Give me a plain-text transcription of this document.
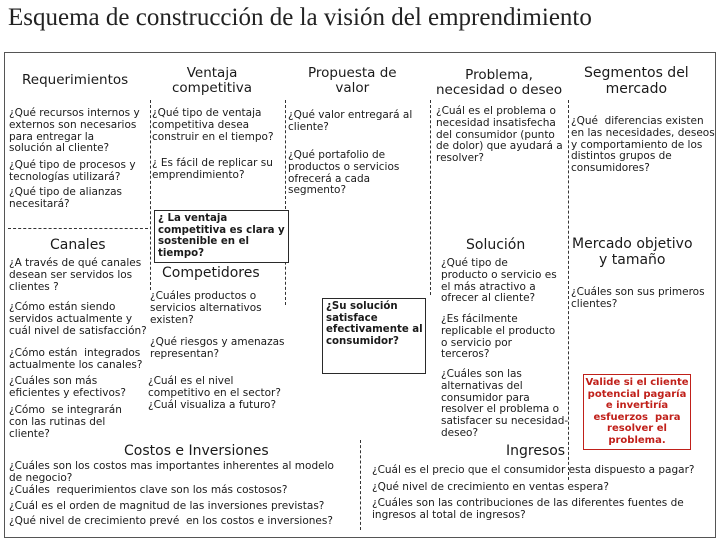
Esquema de construcción de la visión del emprendimiento
Requerimientos
¿Qué recursos internos y
externos son necesarios
para entregar la
solución al cliente?
¿Qué tipo de procesos y
tecnologías utilizará?
¿Qué tipo de alianzas
necesitará?
Ventaja
competitiva
¿Qué tipo de ventaja
competitiva desea
construir en el tiempo?
¿ Es fácil de replicar su
emprendimiento?
¿ La ventaja
competitiva es clara y
sostenible en el
tiempo?
Propuesta de
valor
¿Qué valor entregará al
cliente?
¿Qué portafolio de
productos o servicios
ofrecerá a cada
segmento?
¿Su solución
satisface
efectivamente al
consumidor?
Problema,
necesidad o deseo
¿Cuál es el problema o
necesidad insatisfecha
del consumidor (punto
de dolor) que ayudará a
resolver?
Segmentos del
mercado
¿Qué  diferencias existen
en las necesidades, deseos
y comportamiento de los
distintos grupos de
consumidores?
Canales
¿A través de qué canales
desean ser servidos los
clientes ?
¿Cómo están siendo
servidos actualmente y
cuál nivel de satisfacción?
¿Cómo están  integrados
actualmente los canales?
¿Cuáles son más
eficientes y efectivos?
¿Cómo  se integrarán
con las rutinas del
cliente?
Competidores
¿Cuáles productos o
servicios alternativos
existen?
¿Qué riesgos y amenazas
representan?
¿Cuál es el nivel
competitivo en el sector?
¿Cuál visualiza a futuro?
Solución
¿Qué tipo de
producto o servicio es
el más atractivo a
ofrecer al cliente?
¿Es fácilmente
replicable el producto
o servicio por
terceros?
¿Cuáles son las
alternativas del
consumidor para
resolver el problema o
satisfacer su necesidad-
deseo?
Mercado objetivo
y tamaño
¿Cuáles son sus primeros
clientes?
Valide si el cliente
potencial pagaría
e invertiría
esfuerzos  para
resolver el
problema.
Costos e Inversiones
¿Cuáles son los costos mas importantes inherentes al modelo
de negocio?
¿Cuáles  requerimientos clave son los más costosos?
¿Cuál es el orden de magnitud de las inversiones previstas?
¿Qué nivel de crecimiento prevé  en los costos e inversiones?
Ingresos
¿Cuál es el precio que el consumidor esta dispuesto a pagar?
¿Qué nivel de crecimiento en ventas espera?
¿Cuáles son las contribuciones de las diferentes fuentes de
ingresos al total de ingresos?
